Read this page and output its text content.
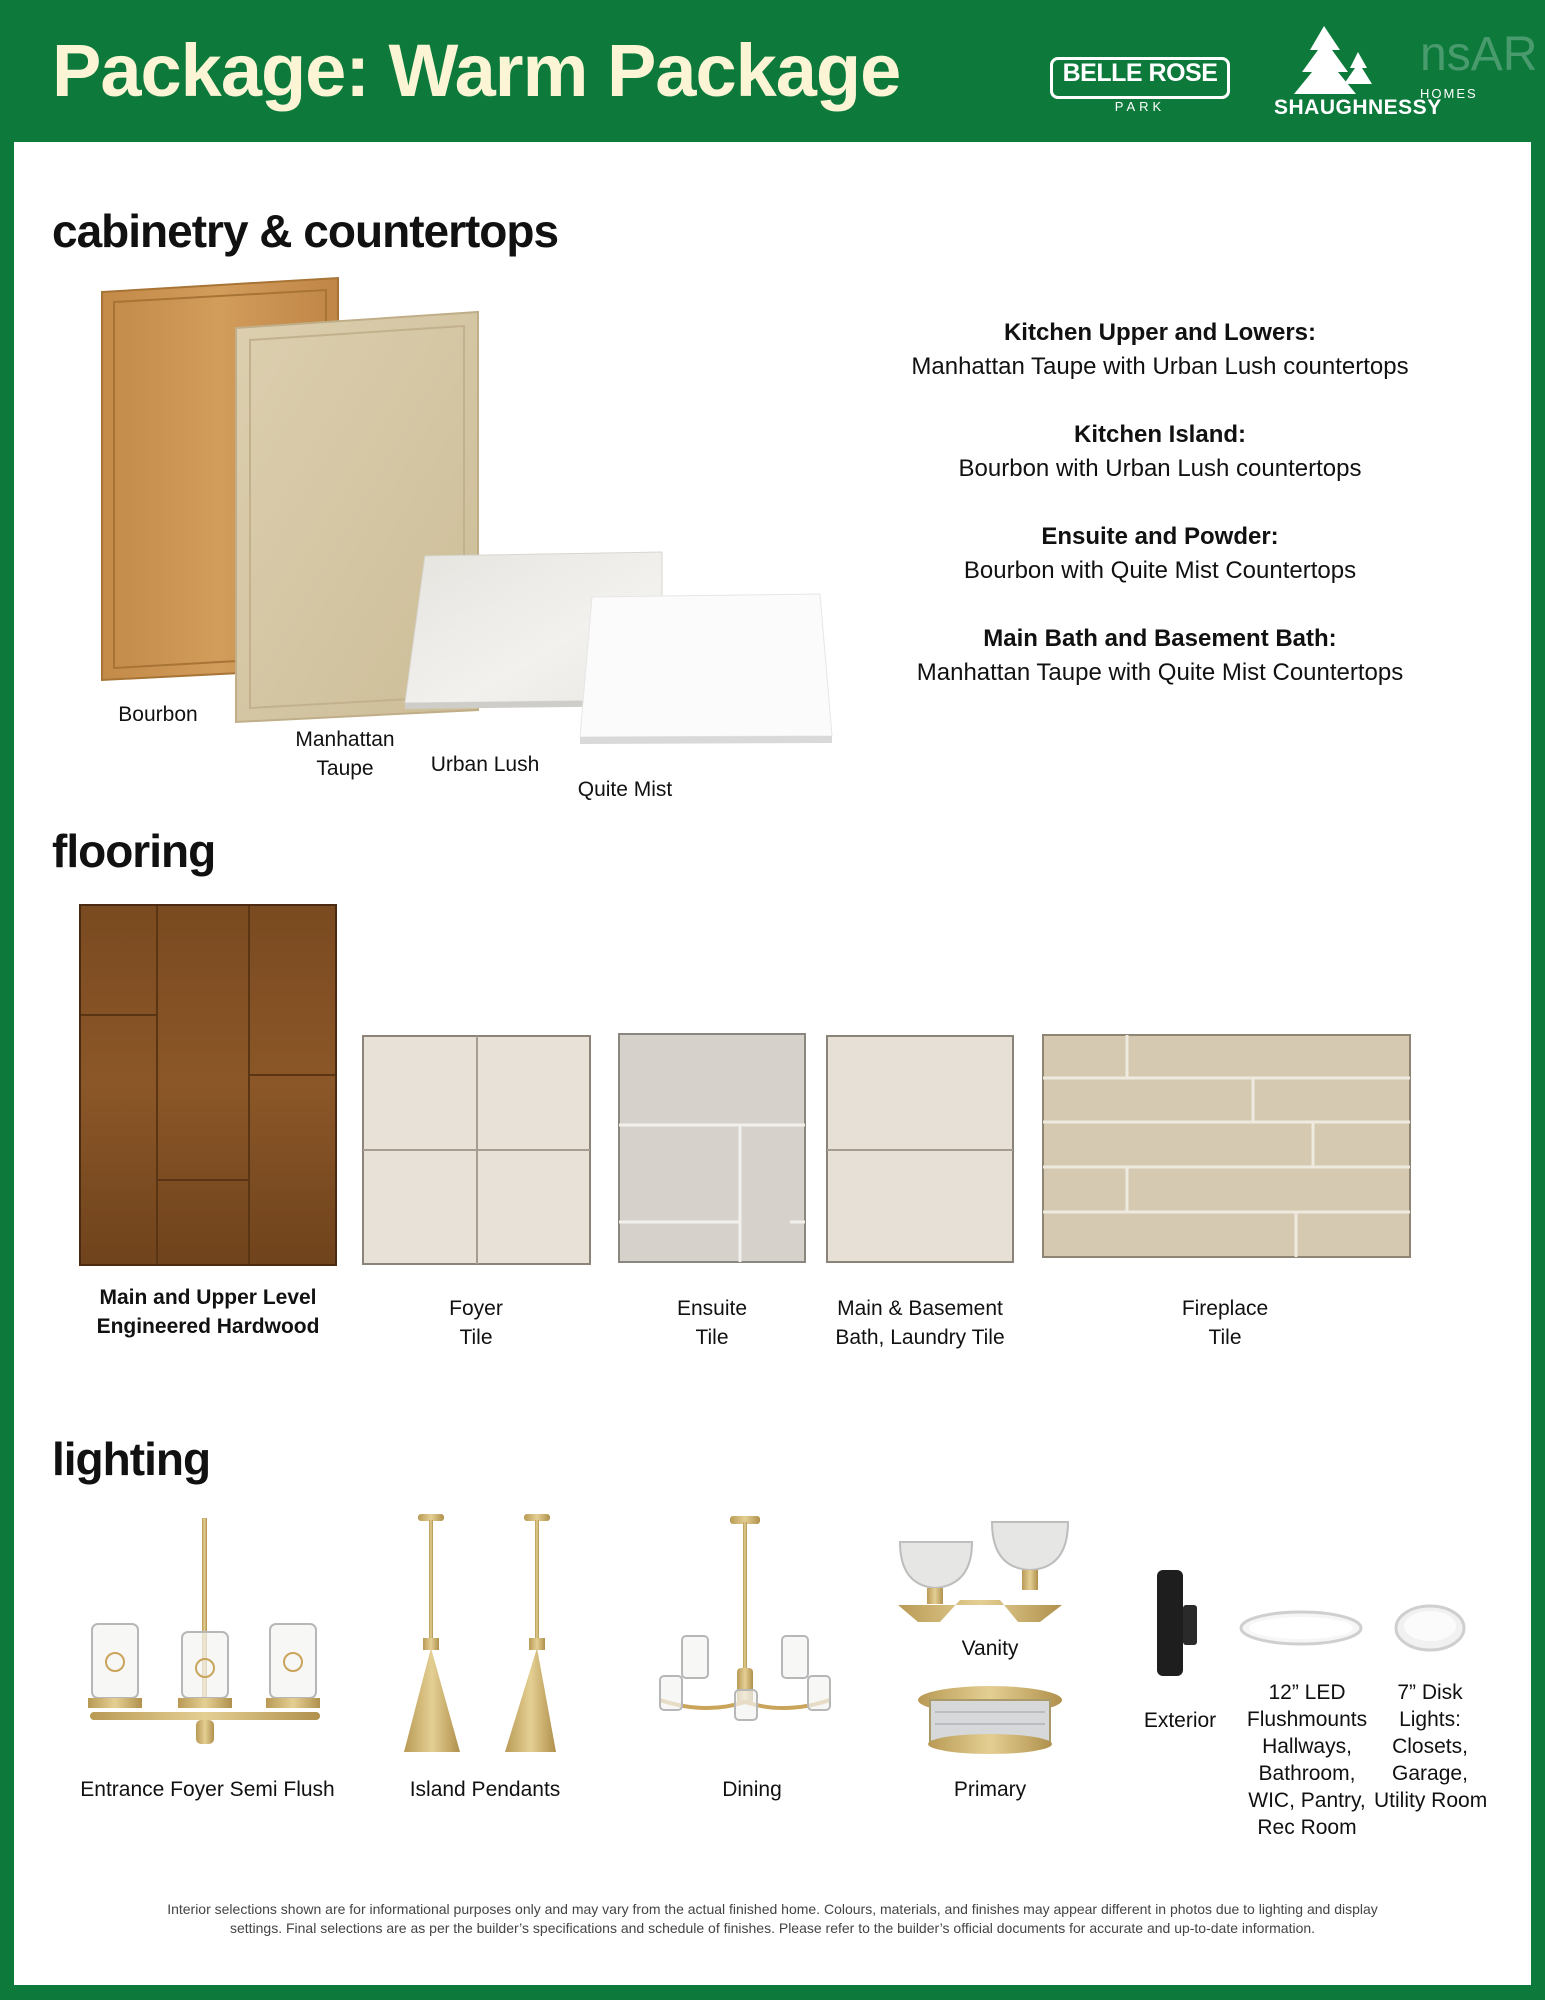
Package: Warm Package	BELLE ROSE
PARK
nsAR
HOMES
SHAUGHNESSY
cabinetry & countertops
Bourbon
Manhattan
Taupe	Urban Lush
Quite Mist
Kitchen Upper and Lowers:
Manhattan Taupe with Urban Lush countertops
Kitchen Island:
Bourbon with Urban Lush countertops
Ensuite and Powder:
Bourbon with Quite Mist Countertops
Main Bath and Basement Bath:
Manhattan Taupe with Quite Mist Countertops
flooring
Main and Upper Level
Engineered Hardwood
Foyer
Tile
Ensuite
Tile
Main & Basement
Bath, Laundry Tile
Fireplace
Tile
lighting
Entrance Foyer Semi Flush	Island Pendants	Dining
Vanity
Primary
Exterior
12” LED
Flushmounts
Hallways,
Bathroom,
WIC, Pantry,
Rec Room
7” Disk
Lights:
Closets,
Garage,
Utility Room
Interior selections shown are for informational purposes only and may vary from the actual finished home. Colours, materials, and finishes may appear different in photos due to lighting and display settings. Final selections are as per the builder’s specifications and schedule of finishes. Please refer to the builder’s official documents for accurate and up-to-date information.
